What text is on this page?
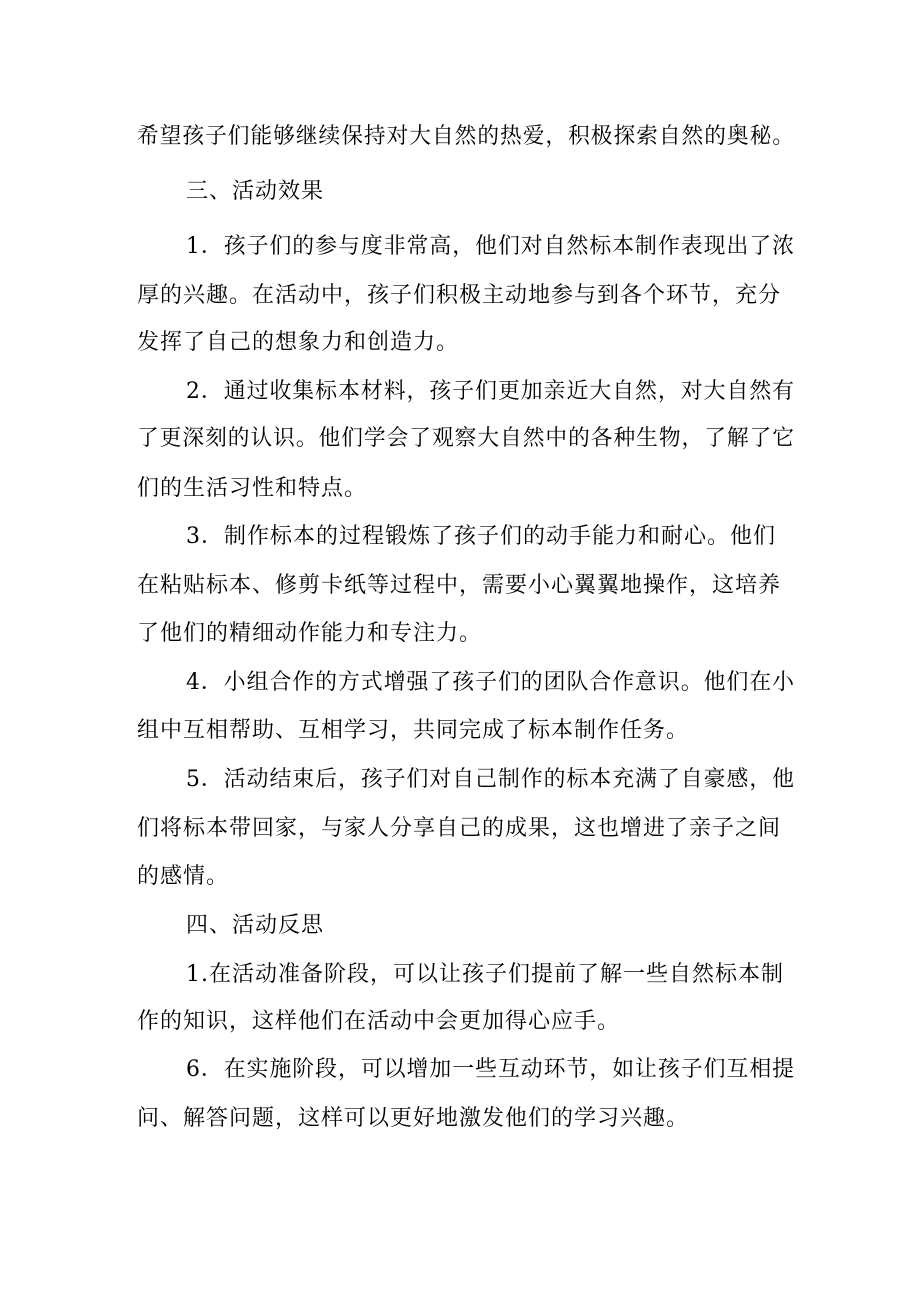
希望孩子们能够继续保持对大自然的热爱，积极探索自然的奥秘。
三、活动效果
1．孩子们的参与度非常高，他们对自然标本制作表现出了浓
厚的兴趣。在活动中，孩子们积极主动地参与到各个环节，充分
发挥了自己的想象力和创造力。
2．通过收集标本材料，孩子们更加亲近大自然，对大自然有
了更深刻的认识。他们学会了观察大自然中的各种生物，了解了它
们的生活习性和特点。
3．制作标本的过程锻炼了孩子们的动手能力和耐心。他们
在粘贴标本、修剪卡纸等过程中，需要小心翼翼地操作，这培养
了他们的精细动作能力和专注力。
4．小组合作的方式增强了孩子们的团队合作意识。他们在小
组中互相帮助、互相学习，共同完成了标本制作任务。
5．活动结束后，孩子们对自己制作的标本充满了自豪感，他
们将标本带回家，与家人分享自己的成果，这也增进了亲子之间
的感情。
四、活动反思
1.在活动准备阶段，可以让孩子们提前了解一些自然标本制
作的知识，这样他们在活动中会更加得心应手。
6．在实施阶段，可以增加一些互动环节，如让孩子们互相提
问、解答问题，这样可以更好地激发他们的学习兴趣。
